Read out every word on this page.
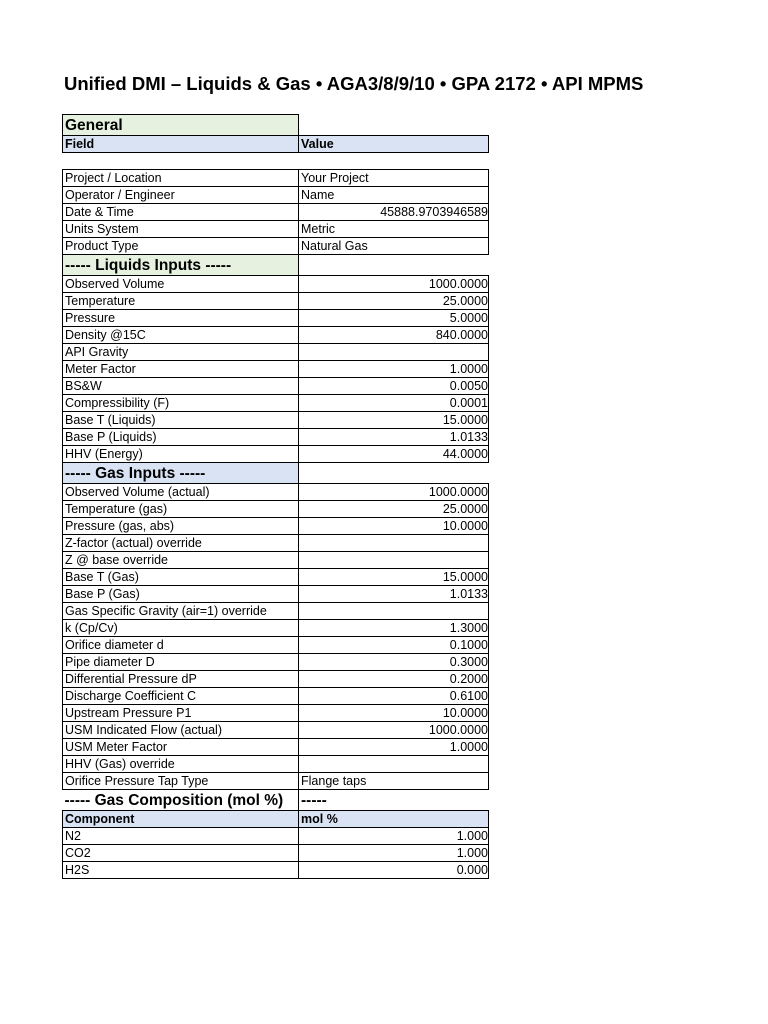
Unified DMI – Liquids & Gas • AGA3/8/9/10 • GPA 2172 • API MPMS
General	
Field	Value

Project / Location	Your Project
Operator / Engineer	Name
Date & Time	45888.9703946589
Units System	Metric
Product Type	Natural Gas
----- Liquids Inputs -----	
Observed Volume	1000.0000
Temperature	25.0000
Pressure	5.0000
Density @15C	840.0000
API Gravity	
Meter Factor	1.0000
BS&W	0.0050
Compressibility (F)	0.0001
Base T (Liquids)	15.0000
Base P (Liquids)	1.0133
HHV (Energy)	44.0000
----- Gas Inputs -----	
Observed Volume (actual)	1000.0000
Temperature (gas)	25.0000
Pressure (gas, abs)	10.0000
Z-factor (actual) override	
Z @ base override	
Base T (Gas)	15.0000
Base P (Gas)	1.0133
Gas Specific Gravity (air=1) override	
k (Cp/Cv)	1.3000
Orifice diameter d	0.1000
Pipe diameter D	0.3000
Differential Pressure dP	0.2000
Discharge Coefficient C	0.6100
Upstream Pressure P1	10.0000
USM Indicated Flow (actual)	1000.0000
USM Meter Factor	1.0000
HHV (Gas) override	
Orifice Pressure Tap Type	Flange taps
----- Gas Composition (mol %)	-----
Component	mol %
N2	1.000
CO2	1.000
H2S	0.000
